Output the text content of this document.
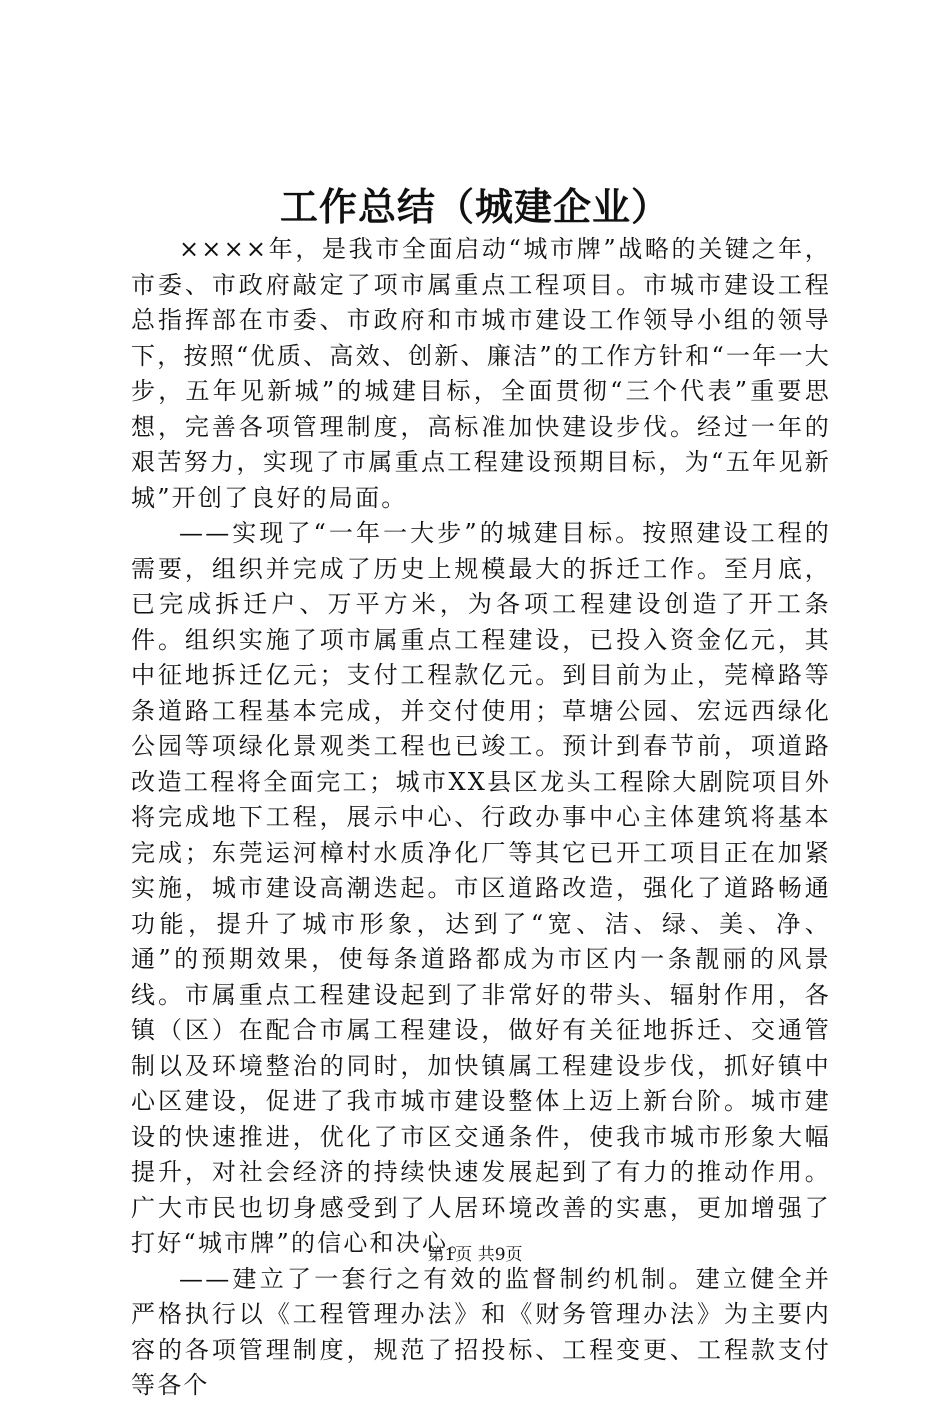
工作总结（城建企业）

××××年，是我市全面启动“城市牌”战略的关键之年，市委、市政府敲定了项市属重点工程项目。市城市建设工程总指挥部在市委、市政府和市城市建设工作领导小组的领导下，按照“优质、高效、创新、廉洁”的工作方针和“一年一大步，五年见新城”的城建目标，全面贯彻“三个代表”重要思想，完善各项管理制度，高标准加快建设步伐。经过一年的艰苦努力，实现了市属重点工程建设预期目标，为“五年见新城”开创了良好的局面。

——实现了“一年一大步”的城建目标。按照建设工程的需要，组织并完成了历史上规模最大的拆迁工作。至月底，已完成拆迁户、万平方米，为各项工程建设创造了开工条件。组织实施了项市属重点工程建设，已投入资金亿元，其中征地拆迁亿元；支付工程款亿元。到目前为止，莞樟路等条道路工程基本完成，并交付使用；草塘公园、宏远西绿化公园等项绿化景观类工程也已竣工。预计到春节前，项道路改造工程将全面完工；城市XX县区龙头工程除大剧院项目外将完成地下工程，展示中心、行政办事中心主体建筑将基本完成；东莞运河樟村水质净化厂等其它已开工项目正在加紧实施，城市建设高潮迭起。市区道路改造，强化了道路畅通功能，提升了城市形象，达到了“宽、洁、绿、美、净、通”的预期效果，使每条道路都成为市区内一条靓丽的风景线。市属重点工程建设起到了非常好的带头、辐射作用，各镇（区）在配合市属工程建设，做好有关征地拆迁、交通管制以及环境整治的同时，加快镇属工程建设步伐，抓好镇中心区建设，促进了我市城市建设整体上迈上新台阶。城市建设的快速推进，优化了市区交通条件，使我市城市形象大幅提升，对社会经济的持续快速发展起到了有力的推动作用。广大市民也切身感受到了人居环境改善的实惠，更加增强了打好“城市牌”的信心和决心。

——建立了一套行之有效的监督制约机制。建立健全并严格执行以《工程管理办法》和《财务管理办法》为主要内容的各项管理制度，规范了招投标、工程变更、工程款支付等各个

第1页 共9页
